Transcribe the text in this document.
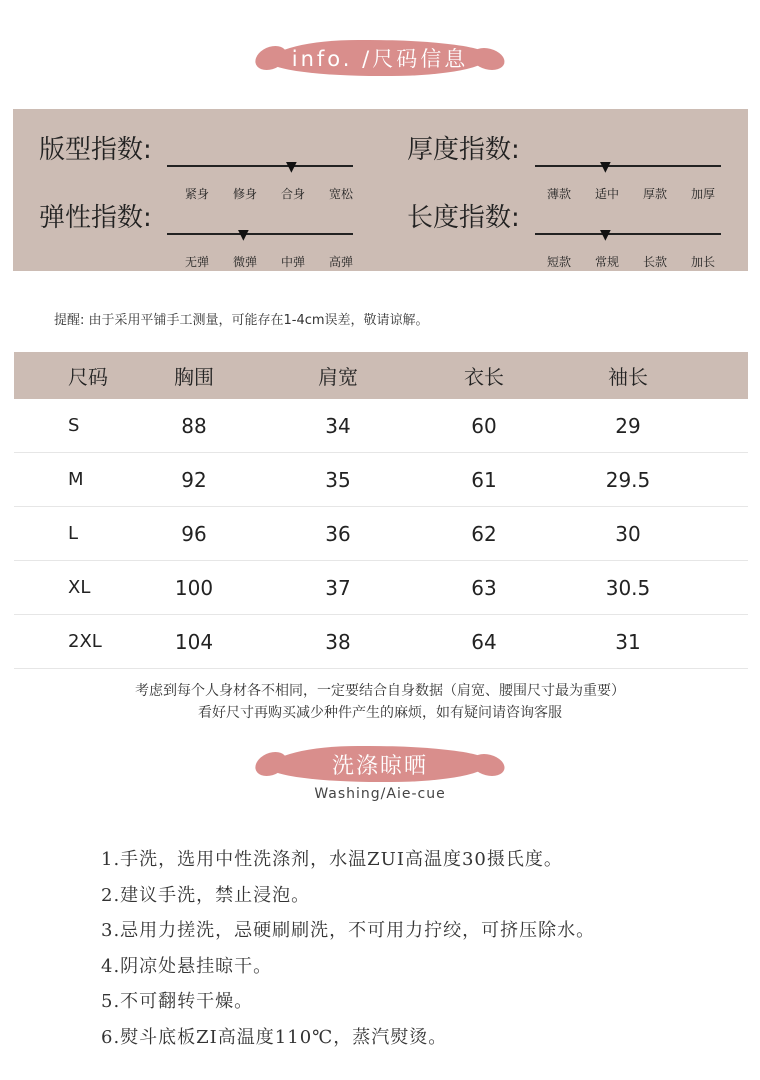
info. /尺码信息
版型指数:
▼
紧身	修身	合身	宽松
弹性指数:
▼
无弹	微弹	中弹	高弹
厚度指数:
▼
薄款	适中	厚款	加厚
长度指数:
▼
短款	常规	长款	加长
提醒: 由于采用平铺手工测量，可能存在1-4cm误差，敬请谅解。
尺码	胸围	肩宽	衣长	袖长
S	88	34	60	29
M	92	35	61	29.5
L	96	36	62	30
XL	100	37	63	30.5
2XL	104	38	64	31
考虑到每个人身材各不相同，一定要结合自身数据（肩宽、腰围尺寸最为重要）
看好尺寸再购买减少种件产生的麻烦，如有疑问请咨询客服
洗涤晾晒
Washing/Aie-cue
1.手洗，选用中性洗涤剂，水温ZUI高温度30摄氏度。
2.建议手洗，禁止浸泡。
3.忌用力搓洗，忌硬刷刷洗，不可用力拧绞，可挤压除水。
4.阴凉处悬挂晾干。
5.不可翻转干燥。
6.熨斗底板ZI高温度110℃，蒸汽熨烫。
